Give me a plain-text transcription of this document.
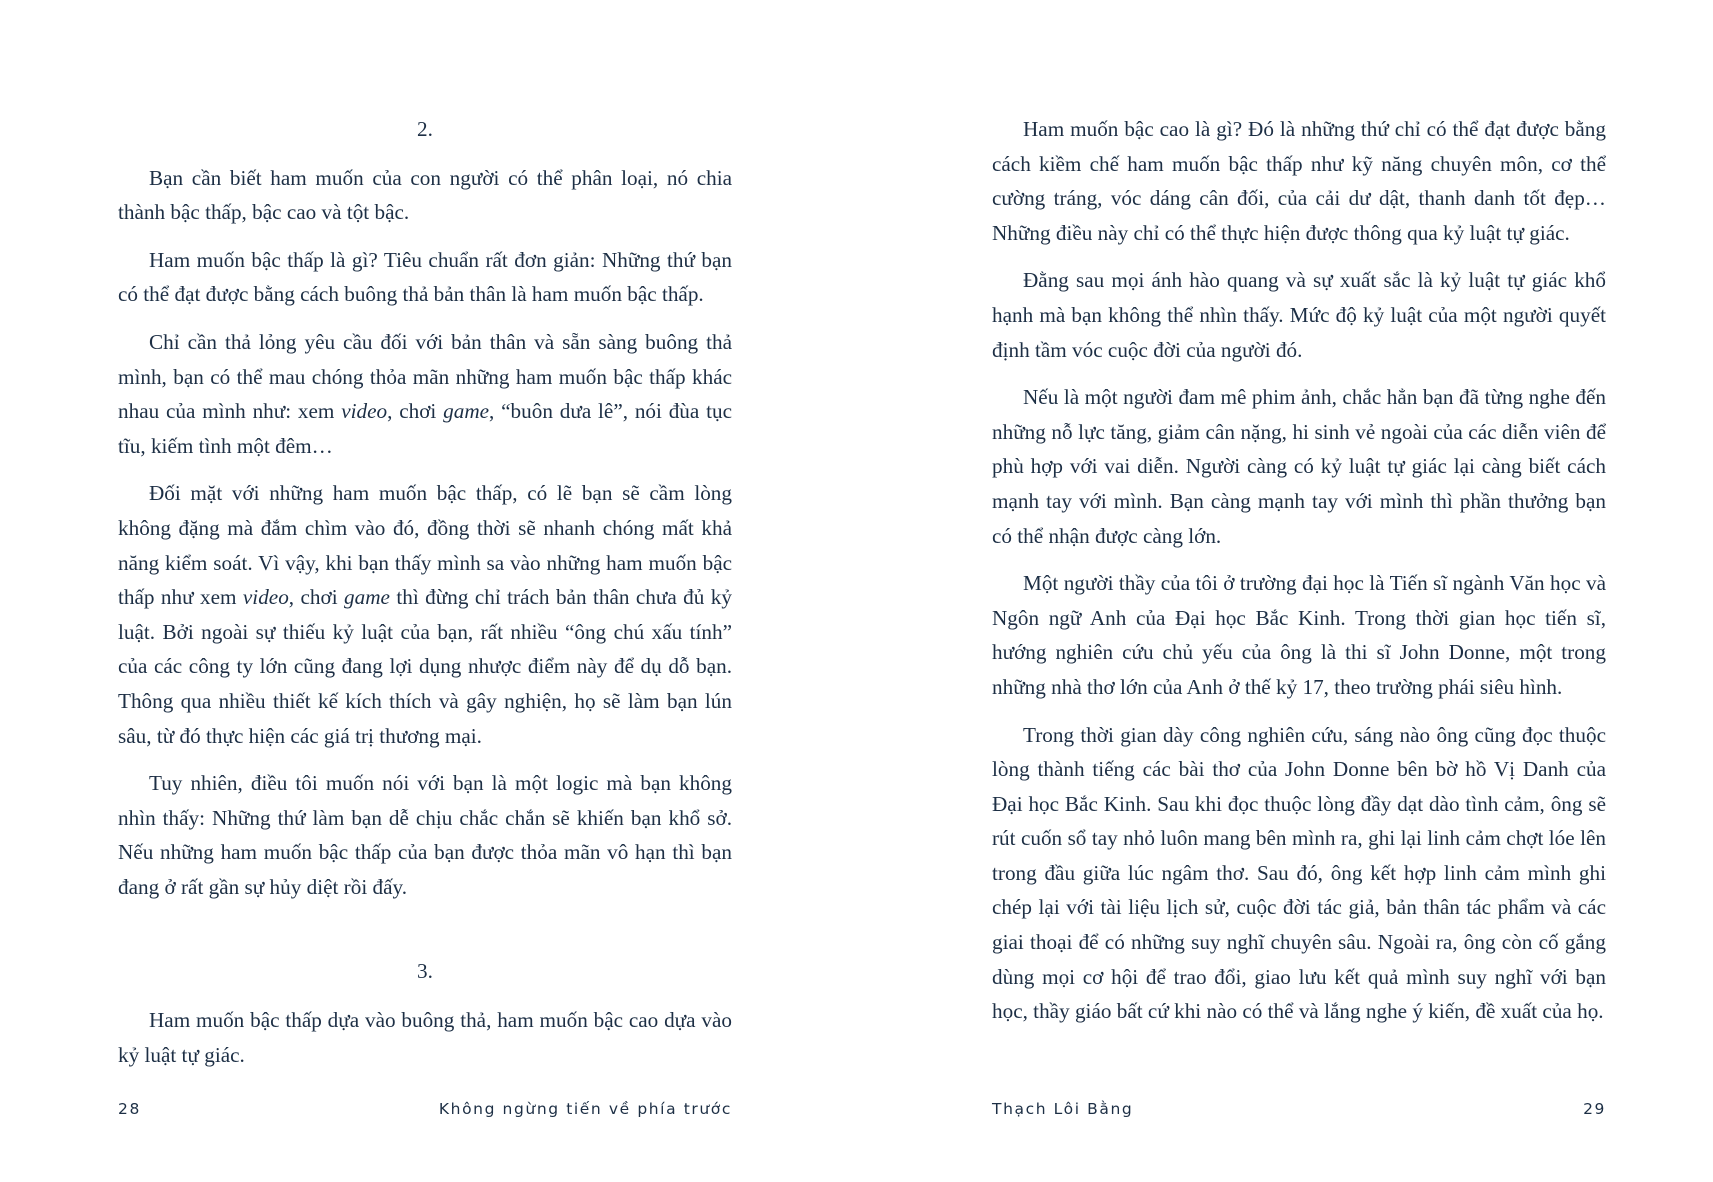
2.

Bạn cần biết ham muốn của con người có thể phân loại, nó chia thành bậc thấp, bậc cao và tột bậc.

Ham muốn bậc thấp là gì? Tiêu chuẩn rất đơn giản: Những thứ bạn có thể đạt được bằng cách buông thả bản thân là ham muốn bậc thấp.

Chỉ cần thả lỏng yêu cầu đối với bản thân và sẵn sàng buông thả mình, bạn có thể mau chóng thỏa mãn những ham muốn bậc thấp khác nhau của mình như: xem video, chơi game, “buôn dưa lê”, nói đùa tục tĩu, kiếm tình một đêm…

Đối mặt với những ham muốn bậc thấp, có lẽ bạn sẽ cầm lòng không đặng mà đắm chìm vào đó, đồng thời sẽ nhanh chóng mất khả năng kiểm soát. Vì vậy, khi bạn thấy mình sa vào những ham muốn bậc thấp như xem video, chơi game thì đừng chỉ trách bản thân chưa đủ kỷ luật. Bởi ngoài sự thiếu kỷ luật của bạn, rất nhiều “ông chú xấu tính” của các công ty lớn cũng đang lợi dụng nhược điểm này để dụ dỗ bạn. Thông qua nhiều thiết kế kích thích và gây nghiện, họ sẽ làm bạn lún sâu, từ đó thực hiện các giá trị thương mại.

Tuy nhiên, điều tôi muốn nói với bạn là một logic mà bạn không nhìn thấy: Những thứ làm bạn dễ chịu chắc chắn sẽ khiến bạn khổ sở. Nếu những ham muốn bậc thấp của bạn được thỏa mãn vô hạn thì bạn đang ở rất gần sự hủy diệt rồi đấy.

3.

Ham muốn bậc thấp dựa vào buông thả, ham muốn bậc cao dựa vào kỷ luật tự giác.

28	Không ngừng tiến về phía trước

Ham muốn bậc cao là gì? Đó là những thứ chỉ có thể đạt được bằng cách kiềm chế ham muốn bậc thấp như kỹ năng chuyên môn, cơ thể cường tráng, vóc dáng cân đối, của cải dư dật, thanh danh tốt đẹp… Những điều này chỉ có thể thực hiện được thông qua kỷ luật tự giác.

Đằng sau mọi ánh hào quang và sự xuất sắc là kỷ luật tự giác khổ hạnh mà bạn không thể nhìn thấy. Mức độ kỷ luật của một người quyết định tầm vóc cuộc đời của người đó.

Nếu là một người đam mê phim ảnh, chắc hẳn bạn đã từng nghe đến những nỗ lực tăng, giảm cân nặng, hi sinh vẻ ngoài của các diễn viên để phù hợp với vai diễn. Người càng có kỷ luật tự giác lại càng biết cách mạnh tay với mình. Bạn càng mạnh tay với mình thì phần thưởng bạn có thể nhận được càng lớn.

Một người thầy của tôi ở trường đại học là Tiến sĩ ngành Văn học và Ngôn ngữ Anh của Đại học Bắc Kinh. Trong thời gian học tiến sĩ, hướng nghiên cứu chủ yếu của ông là thi sĩ John Donne, một trong những nhà thơ lớn của Anh ở thế kỷ 17, theo trường phái siêu hình.

Trong thời gian dày công nghiên cứu, sáng nào ông cũng đọc thuộc lòng thành tiếng các bài thơ của John Donne bên bờ hồ Vị Danh của Đại học Bắc Kinh. Sau khi đọc thuộc lòng đầy dạt dào tình cảm, ông sẽ rút cuốn sổ tay nhỏ luôn mang bên mình ra, ghi lại linh cảm chợt lóe lên trong đầu giữa lúc ngâm thơ. Sau đó, ông kết hợp linh cảm mình ghi chép lại với tài liệu lịch sử, cuộc đời tác giả, bản thân tác phẩm và các giai thoại để có những suy nghĩ chuyên sâu. Ngoài ra, ông còn cố gắng dùng mọi cơ hội để trao đổi, giao lưu kết quả mình suy nghĩ với bạn học, thầy giáo bất cứ khi nào có thể và lắng nghe ý kiến, đề xuất của họ.

Thạch Lôi Bằng	29
